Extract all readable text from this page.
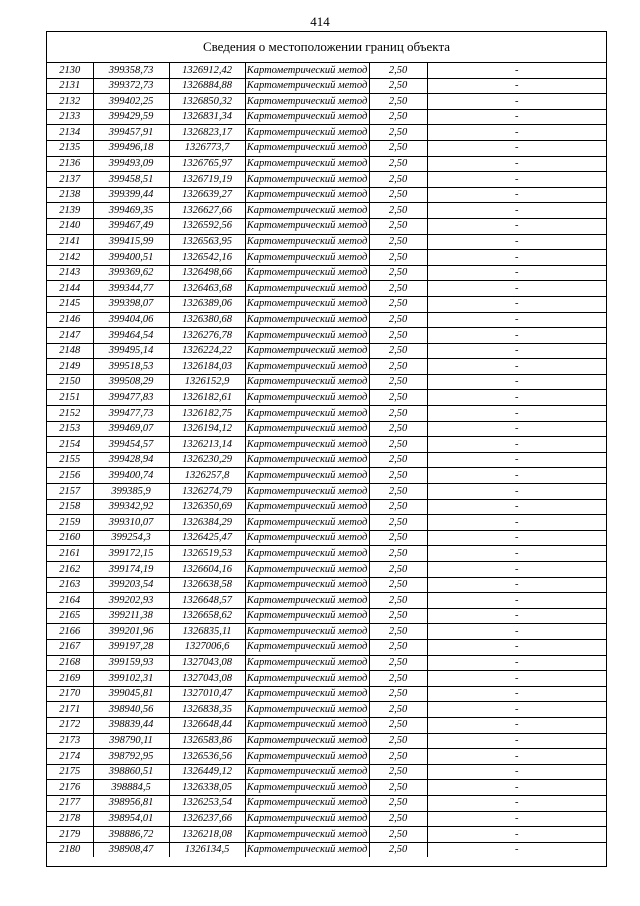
414
Сведения о местоположении границ объекта
2130	399358,73	1326912,42	Картометрический метод	2,50	-
2131	399372,73	1326884,88	Картометрический метод	2,50	-
2132	399402,25	1326850,32	Картометрический метод	2,50	-
2133	399429,59	1326831,34	Картометрический метод	2,50	-
2134	399457,91	1326823,17	Картометрический метод	2,50	-
2135	399496,18	1326773,7	Картометрический метод	2,50	-
2136	399493,09	1326765,97	Картометрический метод	2,50	-
2137	399458,51	1326719,19	Картометрический метод	2,50	-
2138	399399,44	1326639,27	Картометрический метод	2,50	-
2139	399469,35	1326627,66	Картометрический метод	2,50	-
2140	399467,49	1326592,56	Картометрический метод	2,50	-
2141	399415,99	1326563,95	Картометрический метод	2,50	-
2142	399400,51	1326542,16	Картометрический метод	2,50	-
2143	399369,62	1326498,66	Картометрический метод	2,50	-
2144	399344,77	1326463,68	Картометрический метод	2,50	-
2145	399398,07	1326389,06	Картометрический метод	2,50	-
2146	399404,06	1326380,68	Картометрический метод	2,50	-
2147	399464,54	1326276,78	Картометрический метод	2,50	-
2148	399495,14	1326224,22	Картометрический метод	2,50	-
2149	399518,53	1326184,03	Картометрический метод	2,50	-
2150	399508,29	1326152,9	Картометрический метод	2,50	-
2151	399477,83	1326182,61	Картометрический метод	2,50	-
2152	399477,73	1326182,75	Картометрический метод	2,50	-
2153	399469,07	1326194,12	Картометрический метод	2,50	-
2154	399454,57	1326213,14	Картометрический метод	2,50	-
2155	399428,94	1326230,29	Картометрический метод	2,50	-
2156	399400,74	1326257,8	Картометрический метод	2,50	-
2157	399385,9	1326274,79	Картометрический метод	2,50	-
2158	399342,92	1326350,69	Картометрический метод	2,50	-
2159	399310,07	1326384,29	Картометрический метод	2,50	-
2160	399254,3	1326425,47	Картометрический метод	2,50	-
2161	399172,15	1326519,53	Картометрический метод	2,50	-
2162	399174,19	1326604,16	Картометрический метод	2,50	-
2163	399203,54	1326638,58	Картометрический метод	2,50	-
2164	399202,93	1326648,57	Картометрический метод	2,50	-
2165	399211,38	1326658,62	Картометрический метод	2,50	-
2166	399201,96	1326835,11	Картометрический метод	2,50	-
2167	399197,28	1327006,6	Картометрический метод	2,50	-
2168	399159,93	1327043,08	Картометрический метод	2,50	-
2169	399102,31	1327043,08	Картометрический метод	2,50	-
2170	399045,81	1327010,47	Картометрический метод	2,50	-
2171	398940,56	1326838,35	Картометрический метод	2,50	-
2172	398839,44	1326648,44	Картометрический метод	2,50	-
2173	398790,11	1326583,86	Картометрический метод	2,50	-
2174	398792,95	1326536,56	Картометрический метод	2,50	-
2175	398860,51	1326449,12	Картометрический метод	2,50	-
2176	398884,5	1326338,05	Картометрический метод	2,50	-
2177	398956,81	1326253,54	Картометрический метод	2,50	-
2178	398954,01	1326237,66	Картометрический метод	2,50	-
2179	398886,72	1326218,08	Картометрический метод	2,50	-
2180	398908,47	1326134,5	Картометрический метод	2,50	-
